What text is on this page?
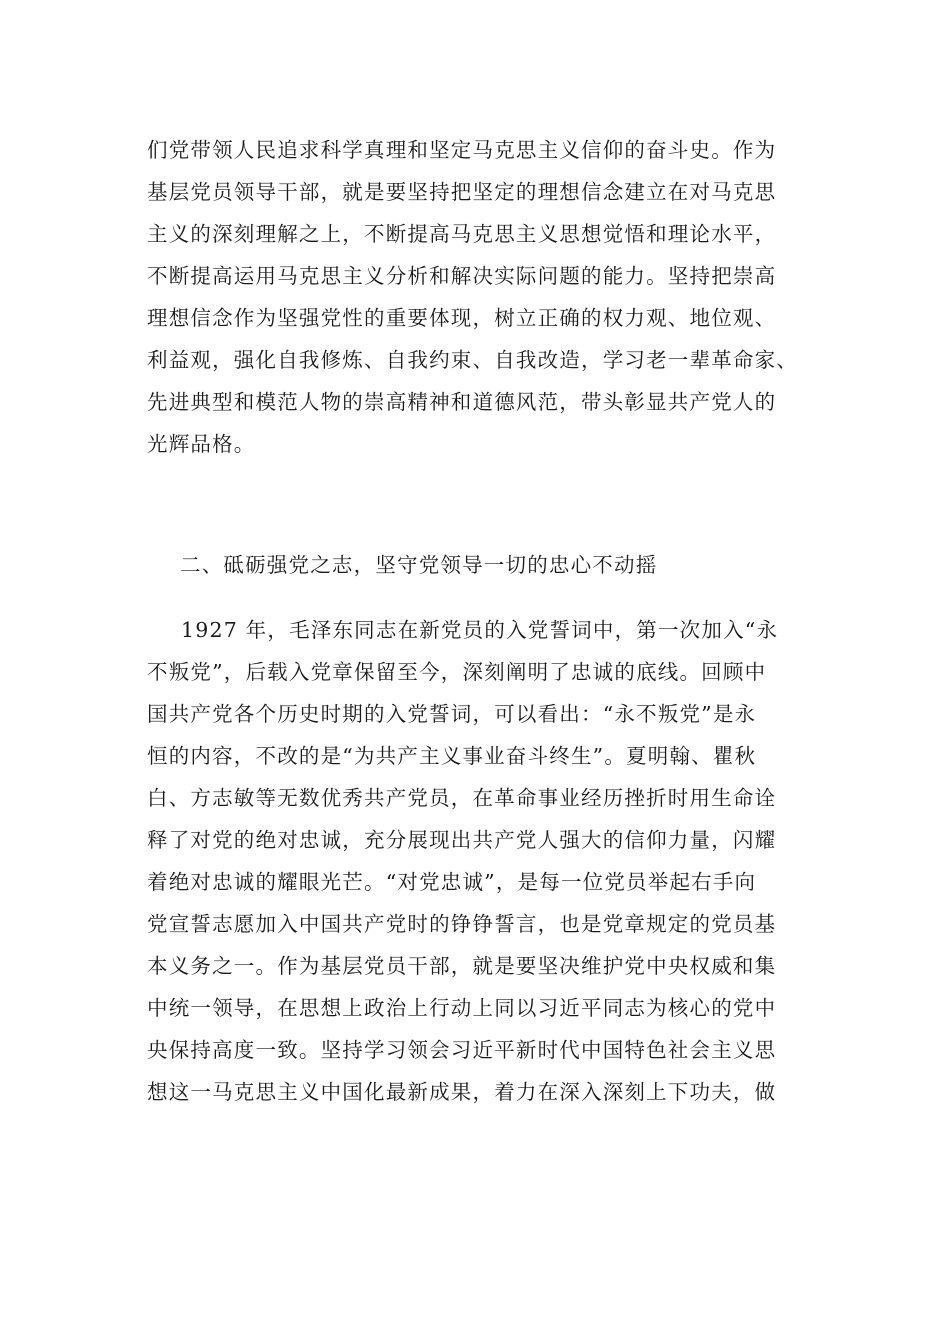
们党带领人民追求科学真理和坚定马克思主义信仰的奋斗史。作为
基层党员领导干部，就是要坚持把坚定的理想信念建立在对马克思
主义的深刻理解之上，不断提高马克思主义思想觉悟和理论水平，
不断提高运用马克思主义分析和解决实际问题的能力。坚持把崇高
理想信念作为坚强党性的重要体现，树立正确的权力观、地位观、
利益观，强化自我修炼、自我约束、自我改造，学习老一辈革命家、
先进典型和模范人物的崇高精神和道德风范，带头彰显共产党人的
光辉品格。
二、砥砺强党之志，坚守党领导一切的忠心不动摇
1927 年，毛泽东同志在新党员的入党誓词中，第一次加入“永
不叛党”，后载入党章保留至今，深刻阐明了忠诚的底线。回顾中
国共产党各个历史时期的入党誓词，可以看出：“永不叛党”是永
恒的内容，不改的是“为共产主义事业奋斗终生”。夏明翰、瞿秋
白、方志敏等无数优秀共产党员，在革命事业经历挫折时用生命诠
释了对党的绝对忠诚，充分展现出共产党人强大的信仰力量，闪耀
着绝对忠诚的耀眼光芒。“对党忠诚”，是每一位党员举起右手向
党宣誓志愿加入中国共产党时的铮铮誓言，也是党章规定的党员基
本义务之一。作为基层党员干部，就是要坚决维护党中央权威和集
中统一领导，在思想上政治上行动上同以习近平同志为核心的党中
央保持高度一致。坚持学习领会习近平新时代中国特色社会主义思
想这一马克思主义中国化最新成果，着力在深入深刻上下功夫，做
